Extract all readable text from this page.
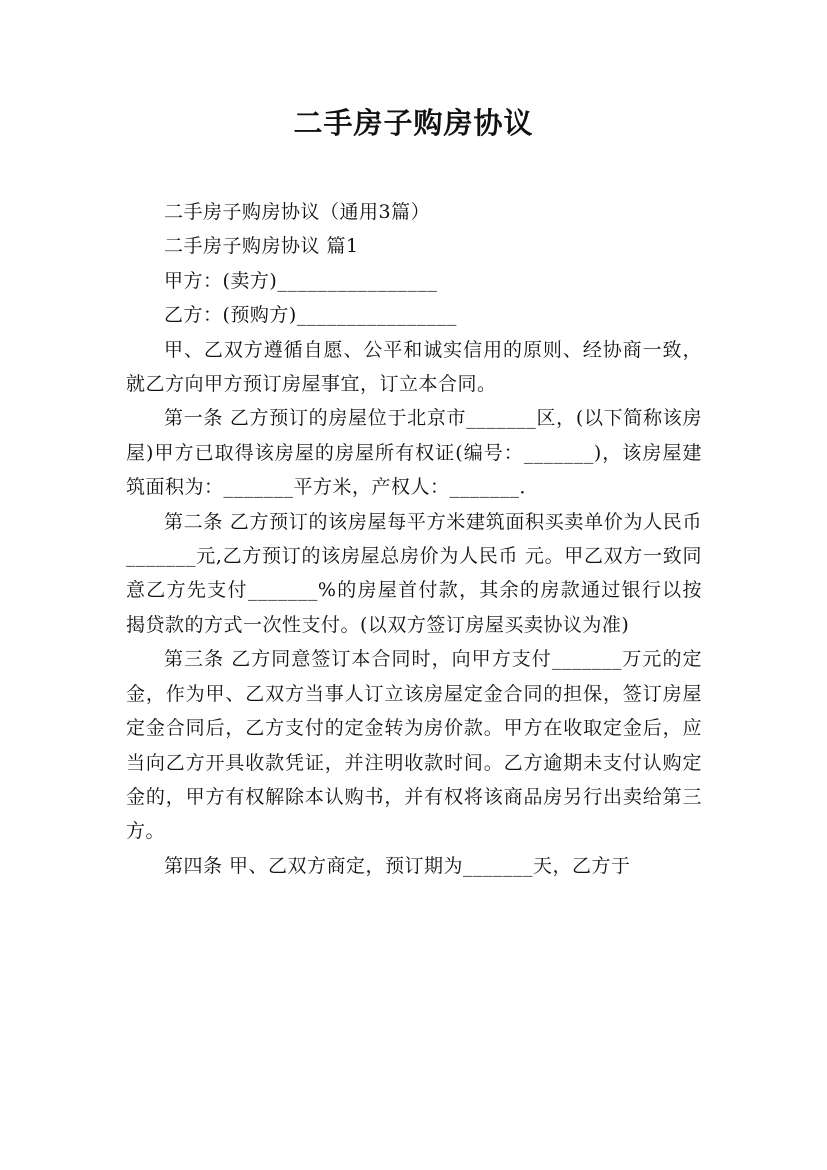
二手房子购房协议

二手房子购房协议（通用3篇）

二手房子购房协议 篇1

甲方：(卖方)________________

乙方：(预购方)________________

甲、乙双方遵循自愿、公平和诚实信用的原则、经协商一致，就乙方向甲方预订房屋事宜，订立本合同。

第一条 乙方预订的房屋位于北京市_______区，(以下简称该房屋)甲方已取得该房屋的房屋所有权证(编号：_______)，该房屋建筑面积为：_______平方米，产权人：_______．

第二条 乙方预订的该房屋每平方米建筑面积买卖单价为人民币_______元,乙方预订的该房屋总房价为人民币 元。甲乙双方一致同意乙方先支付_______%的房屋首付款，其余的房款通过银行以按揭贷款的方式一次性支付。(以双方签订房屋买卖协议为准)

第三条 乙方同意签订本合同时，向甲方支付_______万元的定金，作为甲、乙双方当事人订立该房屋定金合同的担保，签订房屋定金合同后，乙方支付的定金转为房价款。甲方在收取定金后，应当向乙方开具收款凭证，并注明收款时间。乙方逾期未支付认购定金的，甲方有权解除本认购书，并有权将该商品房另行出卖给第三方。

第四条 甲、乙双方商定，预订期为_______天，乙方于
